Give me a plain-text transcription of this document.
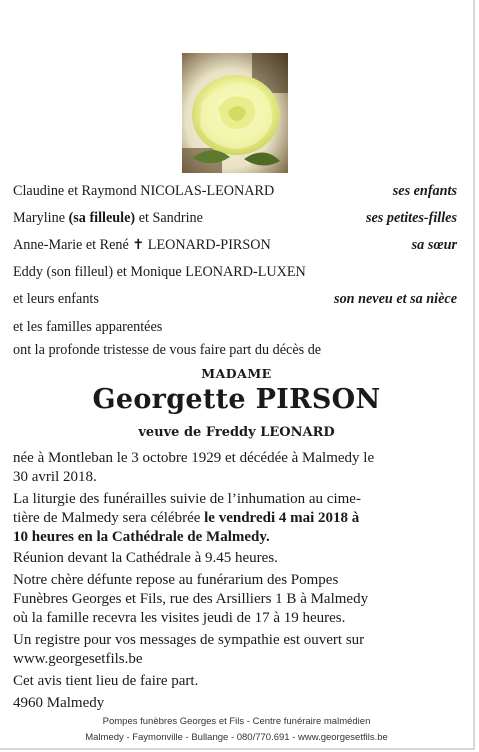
Claudine et Raymond NICOLAS-LEONARD	ses enfants
Maryline (sa filleule) et Sandrine	ses petites-filles
Anne-Marie et René ✝ LEONARD-PIRSON	sa sœur
Eddy (son filleul) et Monique LEONARD-LUXEN
et leurs enfants	son neveu et sa nièce
et les familles apparentées
ont la profonde tristesse de vous faire part du décès de
MADAME
Georgette PIRSON
veuve de Freddy LEONARD
née à Montleban le 3 octobre 1929 et décédée à Malmedy le
30 avril 2018.
La liturgie des funérailles suivie de l’inhumation au cime-
tière de Malmedy sera célébrée le vendredi 4 mai 2018 à
10 heures en la Cathédrale de Malmedy.
Réunion devant la Cathédrale à 9.45 heures.
Notre chère défunte repose au funérarium des Pompes
Funèbres Georges et Fils, rue des Arsilliers 1 B à Malmedy
où la famille recevra les visites jeudi de 17 à 19 heures.
Un registre pour vos messages de sympathie est ouvert sur
www.georgesetfils.be
Cet avis tient lieu de faire part.
4960 Malmedy
Pompes funèbres Georges et Fils - Centre funéraire malmédien
Malmedy - Faymonville - Bullange - 080/770.691 - www.georgesetfils.be
